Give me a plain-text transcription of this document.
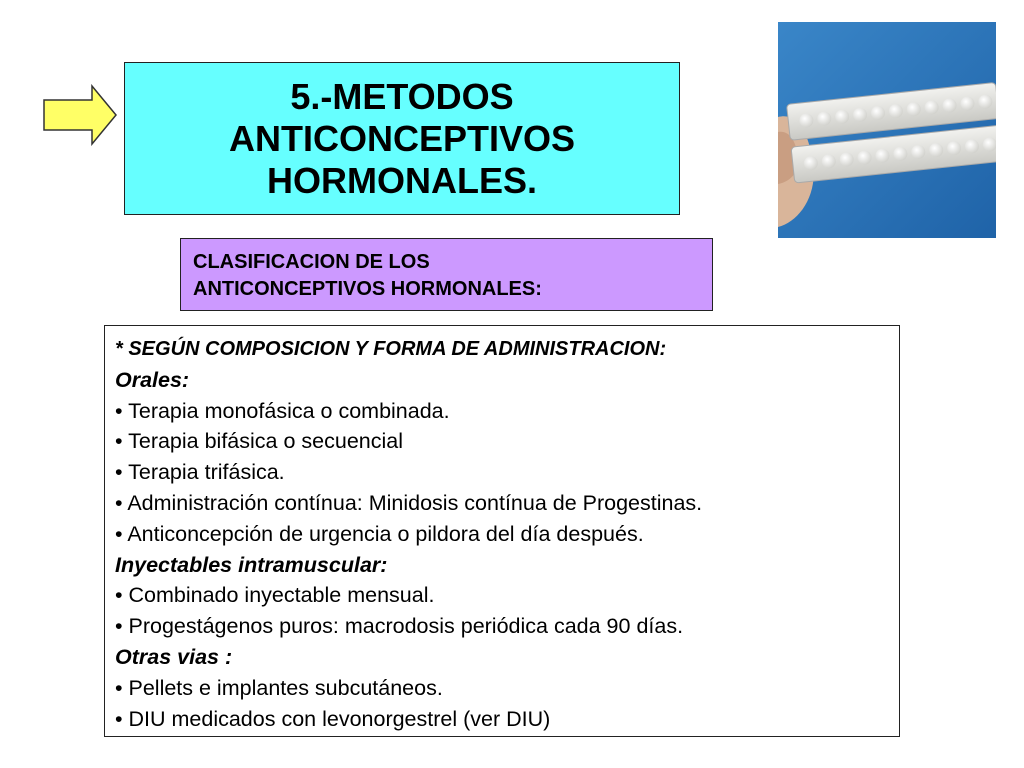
5.-METODOS
ANTICONCEPTIVOS
HORMONALES.
CLASIFICACION DE LOS
ANTICONCEPTIVOS HORMONALES:
* SEGÚN COMPOSICION Y FORMA DE ADMINISTRACION:
Orales:
• Terapia monofásica o combinada.
• Terapia bifásica o secuencial
• Terapia trifásica.
• Administración contínua: Minidosis contínua de Progestinas.
• Anticoncepción de urgencia o pildora del día después.
Inyectables intramuscular:
• Combinado inyectable mensual.
• Progestágenos puros: macrodosis periódica cada 90 días.
Otras vias :
• Pellets e implantes subcutáneos.
• DIU medicados con levonorgestrel (ver DIU)
